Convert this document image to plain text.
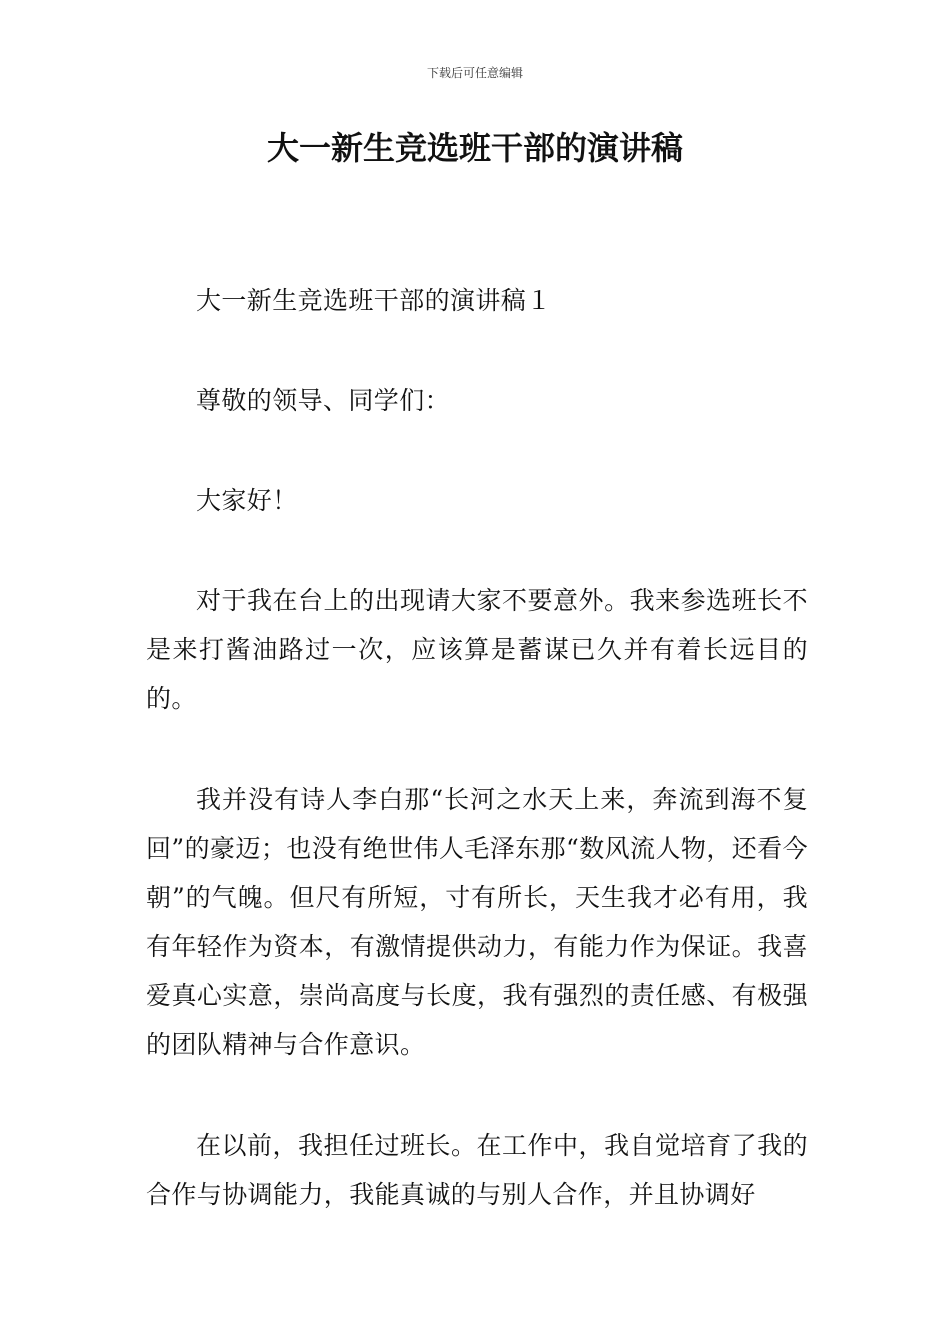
下载后可任意编辑
大一新生竞选班干部的演讲稿

大一新生竞选班干部的演讲稿１

尊敬的领导、同学们：

大家好！

对于我在台上的出现请大家不要意外。我来参选班长不是来打酱油路过一次，应该算是蓄谋已久并有着长远目的的。

我并没有诗人李白那“长河之水天上来，奔流到海不复回”的豪迈；也没有绝世伟人毛泽东那“数风流人物，还看今朝”的气魄。但尺有所短，寸有所长，天生我才必有用，我有年轻作为资本，有激情提供动力，有能力作为保证。我喜爱真心实意，崇尚高度与长度，我有强烈的责任感、有极强的团队精神与合作意识。

在以前，我担任过班长。在工作中，我自觉培育了我的合作与协调能力，我能真诚的与别人合作，并且协调好
